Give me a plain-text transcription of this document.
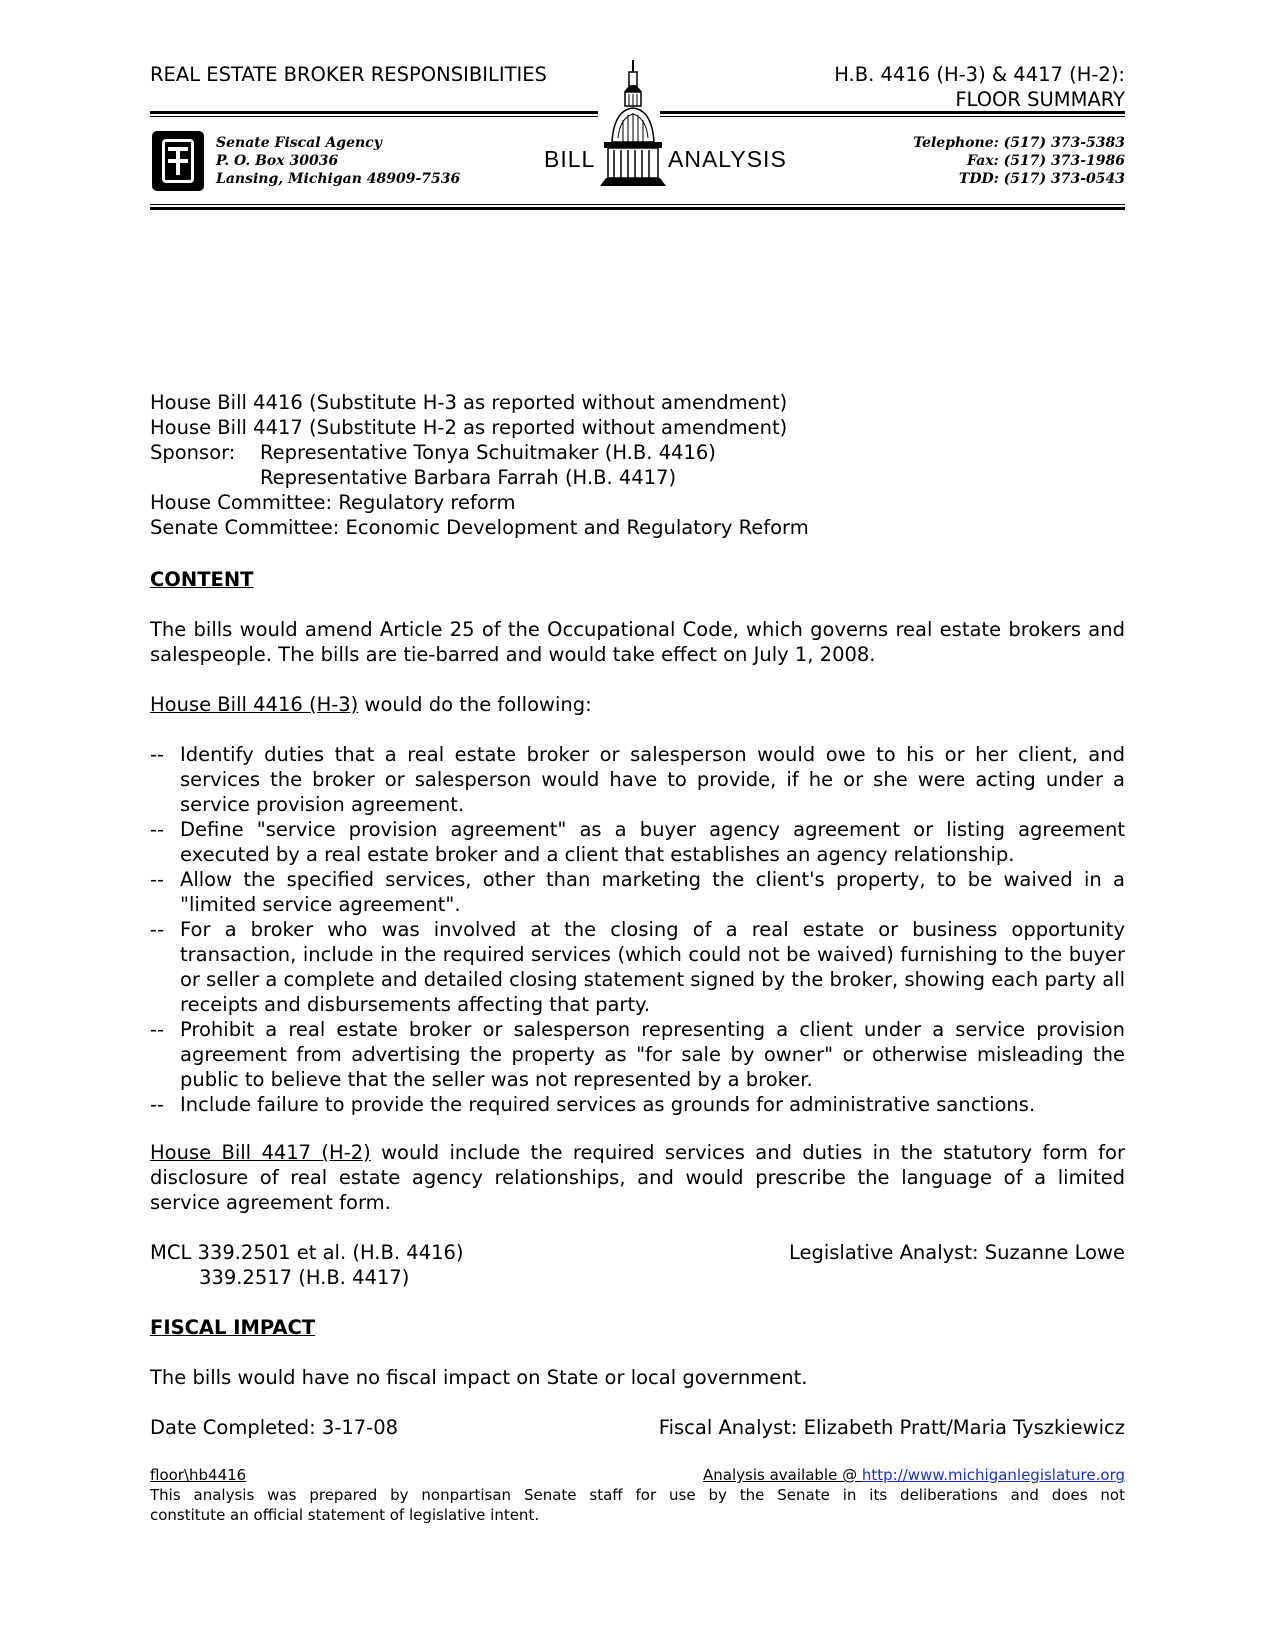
REAL ESTATE BROKER RESPONSIBILITIES	H.B. 4416 (H-3) & 4417 (H-2):
FLOOR SUMMARY
Senate Fiscal Agency
P. O. Box 30036
Lansing, Michigan 48909-7536
BILL	ANALYSIS
Telephone: (517) 373-5383
Fax: (517) 373-1986
TDD: (517) 373-0543
House Bill 4416 (Substitute H-3 as reported without amendment)
House Bill 4417 (Substitute H-2 as reported without amendment)
Sponsor: Representative Tonya Schuitmaker (H.B. 4416)
Representative Barbara Farrah (H.B. 4417)
House Committee: Regulatory reform
Senate Committee: Economic Development and Regulatory Reform
CONTENT
The bills would amend Article 25 of the Occupational Code, which governs real estate brokers and salespeople. The bills are tie-barred and would take effect on July 1, 2008.
House Bill 4416 (H-3) would do the following:
-- Identify duties that a real estate broker or salesperson would owe to his or her client, and services the broker or salesperson would have to provide, if he or she were acting under a service provision agreement.
-- Define "service provision agreement" as a buyer agency agreement or listing agreement executed by a real estate broker and a client that establishes an agency relationship.
-- Allow the specified services, other than marketing the client's property, to be waived in a "limited service agreement".
-- For a broker who was involved at the closing of a real estate or business opportunity transaction, include in the required services (which could not be waived) furnishing to the buyer or seller a complete and detailed closing statement signed by the broker, showing each party all receipts and disbursements affecting that party.
-- Prohibit a real estate broker or salesperson representing a client under a service provision agreement from advertising the property as "for sale by owner" or otherwise misleading the public to believe that the seller was not represented by a broker.
-- Include failure to provide the required services as grounds for administrative sanctions.
House Bill 4417 (H-2) would include the required services and duties in the statutory form for disclosure of real estate agency relationships, and would prescribe the language of a limited service agreement form.
MCL 339.2501 et al. (H.B. 4416)
339.2517 (H.B. 4417)
Legislative Analyst: Suzanne Lowe
FISCAL IMPACT
The bills would have no fiscal impact on State or local government.
Date Completed: 3-17-08	Fiscal Analyst: Elizabeth Pratt/Maria Tyszkiewicz
floor\hb4416	Analysis available @ http://www.michiganlegislature.org
This analysis was prepared by nonpartisan Senate staff for use by the Senate in its deliberations and does not
constitute an official statement of legislative intent.
